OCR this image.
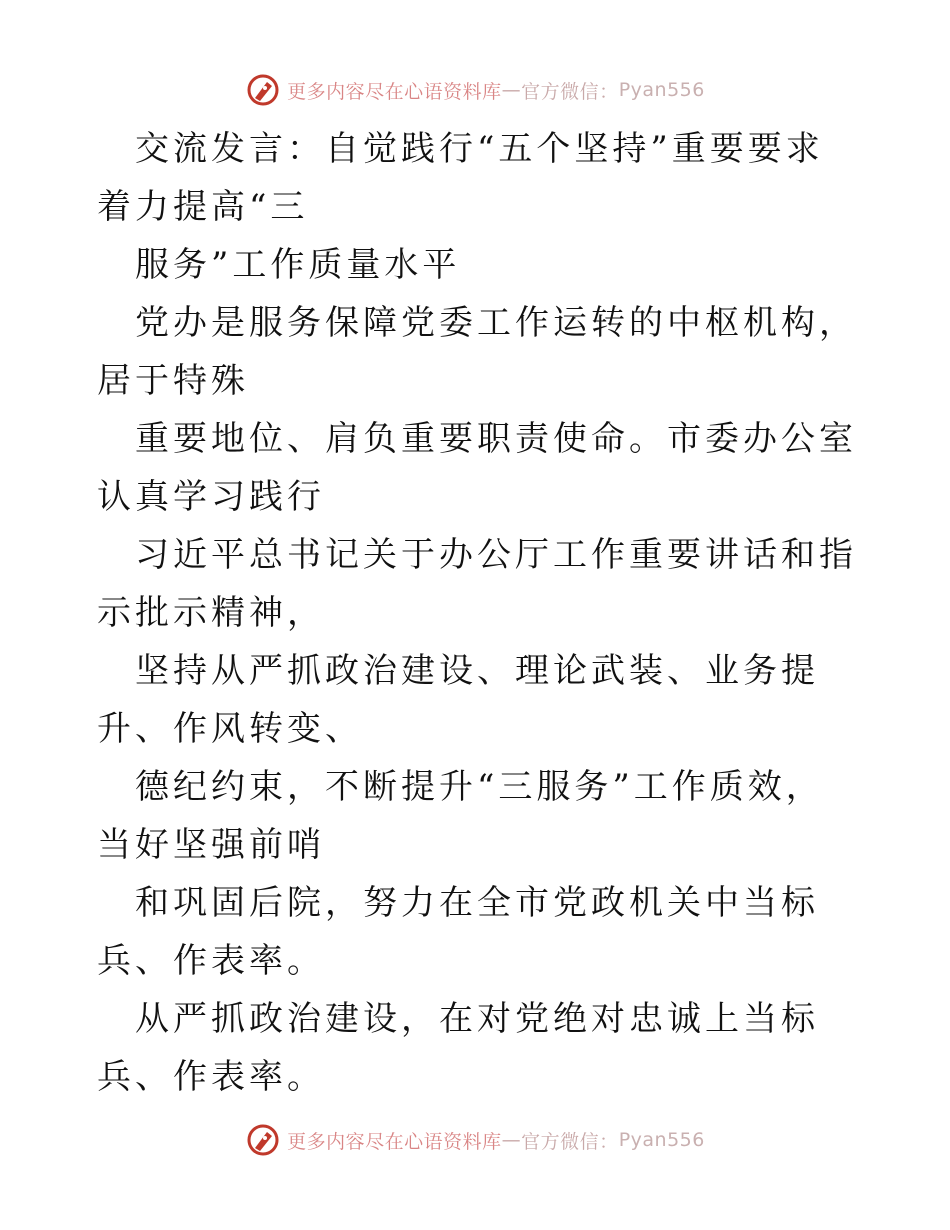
更多内容尽在心语资料库 — 官方微信： Pyan556

交流发言：自觉践行“五个坚持”重要要求着力提高“三

服务”工作质量水平

党办是服务保障党委工作运转的中枢机构，居于特殊

重要地位、肩负重要职责使命。市委办公室认真学习践行

习近平总书记关于办公厅工作重要讲话和指示批示精神，

坚持从严抓政治建设、理论武装、业务提升、作风转变、

德纪约束，不断提升“三服务”工作质效，当好坚强前哨

和巩固后院，努力在全市党政机关中当标兵、作表率。

从严抓政治建设，在对党绝对忠诚上当标兵、作表率。

更多内容尽在心语资料库 — 官方微信： Pyan556
